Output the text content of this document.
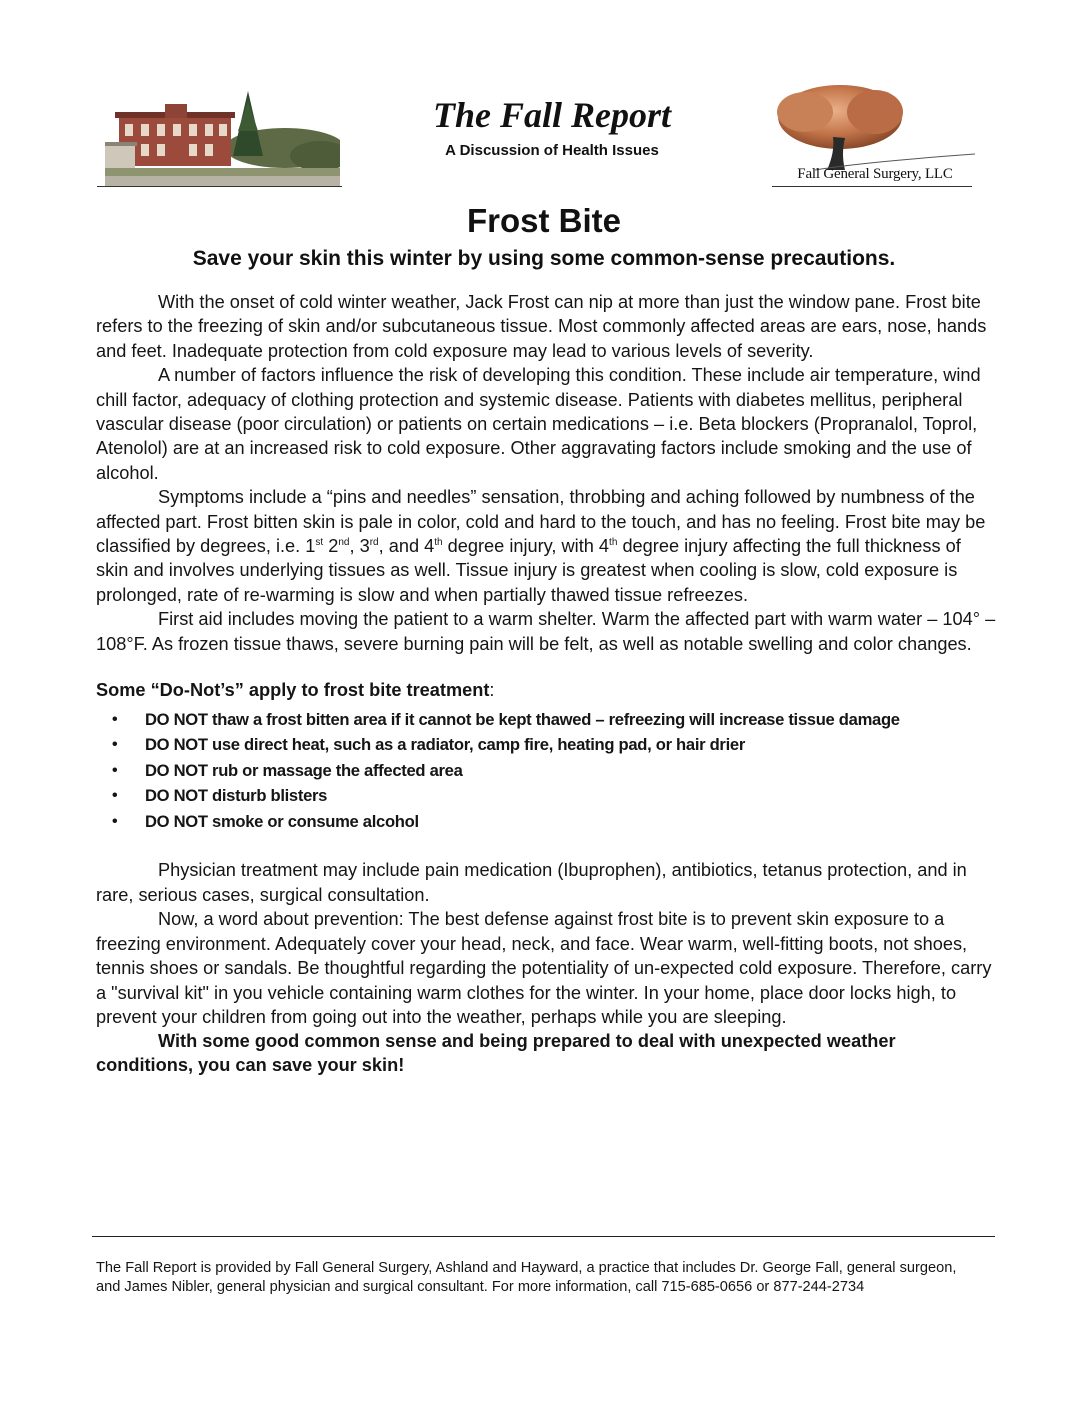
The Fall Report
A Discussion of Health Issues
Fall General Surgery, LLC
Frost Bite
Save your skin this winter by using some common-sense precautions.

With the onset of cold winter weather, Jack Frost can nip at more than just the window pane. Frost bite refers to the freezing of skin and/or subcutaneous tissue. Most commonly affected areas are ears, nose, hands and feet. Inadequate protection from cold exposure may lead to various levels of severity.

A number of factors influence the risk of developing this condition. These include air temperature, wind chill factor, adequacy of clothing protection and systemic disease. Patients with diabetes mellitus, peripheral vascular disease (poor circulation) or patients on certain medications – i.e. Beta blockers (Propranalol, Toprol, Atenolol) are at an increased risk to cold exposure. Other aggravating factors include smoking and the use of alcohol.

Symptoms include a “pins and needles” sensation, throbbing and aching followed by numbness of the affected part. Frost bitten skin is pale in color, cold and hard to the touch, and has no feeling. Frost bite may be classified by degrees, i.e. 1st 2nd, 3rd, and 4th degree injury, with 4th degree injury affecting the full thickness of skin and involves underlying tissues as well. Tissue injury is greatest when cooling is slow, cold exposure is prolonged, rate of re-warming is slow and when partially thawed tissue refreezes.

First aid includes moving the patient to a warm shelter. Warm the affected part with warm water – 104° – 108°F. As frozen tissue thaws, severe burning pain will be felt, as well as notable swelling and color changes.

Some “Do-Not’s” apply to frost bite treatment:
• DO NOT thaw a frost bitten area if it cannot be kept thawed – refreezing will increase tissue damage
• DO NOT use direct heat, such as a radiator, camp fire, heating pad, or hair drier
• DO NOT rub or massage the affected area
• DO NOT disturb blisters
• DO NOT smoke or consume alcohol

Physician treatment may include pain medication (Ibuprophen), antibiotics, tetanus protection, and in rare, serious cases, surgical consultation.

Now, a word about prevention: The best defense against frost bite is to prevent skin exposure to a freezing environment. Adequately cover your head, neck, and face. Wear warm, well-fitting boots, not shoes, tennis shoes or sandals. Be thoughtful regarding the potentiality of un-expected cold exposure. Therefore, carry a "survival kit" in you vehicle containing warm clothes for the winter. In your home, place door locks high, to prevent your children from going out into the weather, perhaps while you are sleeping.

With some good common sense and being prepared to deal with unexpected weather conditions, you can save your skin!

The Fall Report is provided by Fall General Surgery, Ashland and Hayward, a practice that includes Dr. George Fall, general surgeon, and James Nibler, general physician and surgical consultant. For more information, call 715-685-0656 or 877-244-2734
